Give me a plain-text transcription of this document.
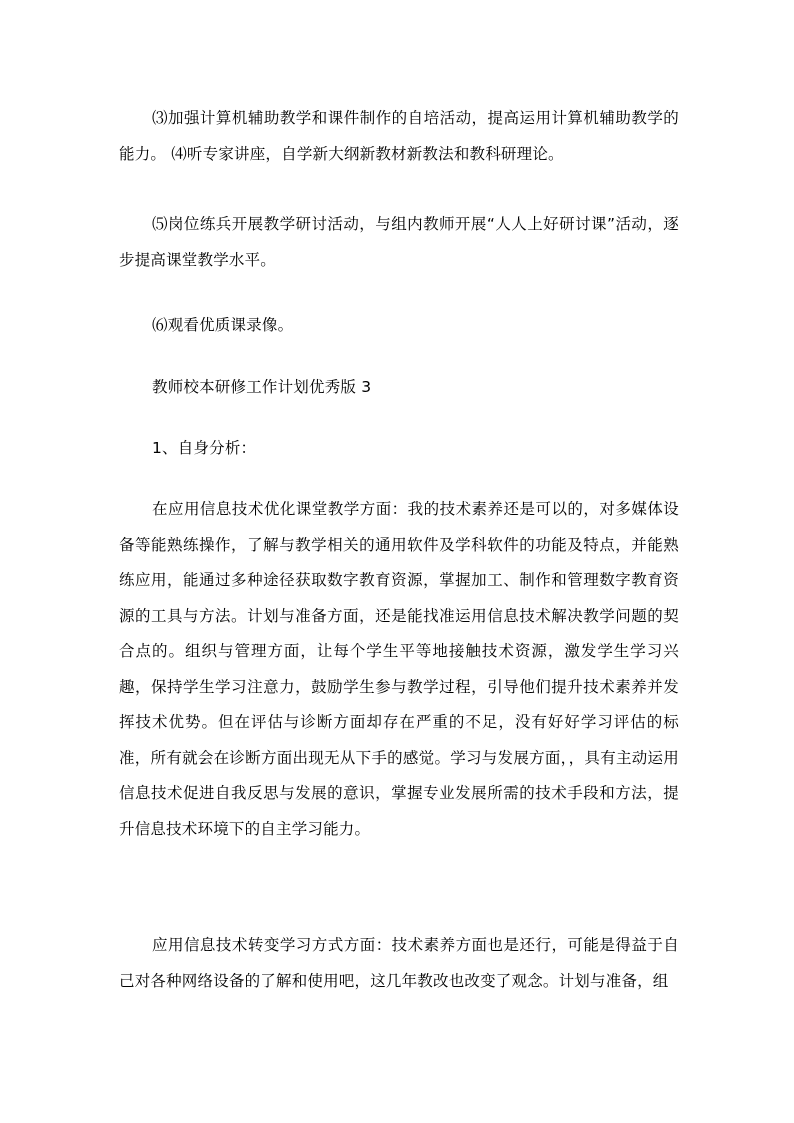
⑶加强计算机辅助教学和课件制作的自培活动，提高运用计算机辅助教学的能力。 ⑷听专家讲座，自学新大纲新教材新教法和教科研理论。

⑸岗位练兵开展教学研讨活动，与组内教师开展“人人上好研讨课”活动，逐步提高课堂教学水平。

⑹观看优质课录像。

教师校本研修工作计划优秀版 3

1、自身分析：

在应用信息技术优化课堂教学方面：我的技术素养还是可以的，对多媒体设备等能熟练操作，了解与教学相关的通用软件及学科软件的功能及特点，并能熟练应用，能通过多种途径获取数字教育资源，掌握加工、制作和管理数字教育资源的工具与方法。计划与准备方面，还是能找准运用信息技术解决教学问题的契合点的。组织与管理方面，让每个学生平等地接触技术资源，激发学生学习兴趣，保持学生学习注意力，鼓励学生参与教学过程，引导他们提升技术素养并发挥技术优势。但在评估与诊断方面却存在严重的不足，没有好好学习评估的标准，所有就会在诊断方面出现无从下手的感觉。学习与发展方面，，具有主动运用信息技术促进自我反思与发展的意识，掌握专业发展所需的技术手段和方法，提升信息技术环境下的自主学习能力。

应用信息技术转变学习方式方面：技术素养方面也是还行，可能是得益于自己对各种网络设备的了解和使用吧，这几年教改也改变了观念。计划与准备，组
